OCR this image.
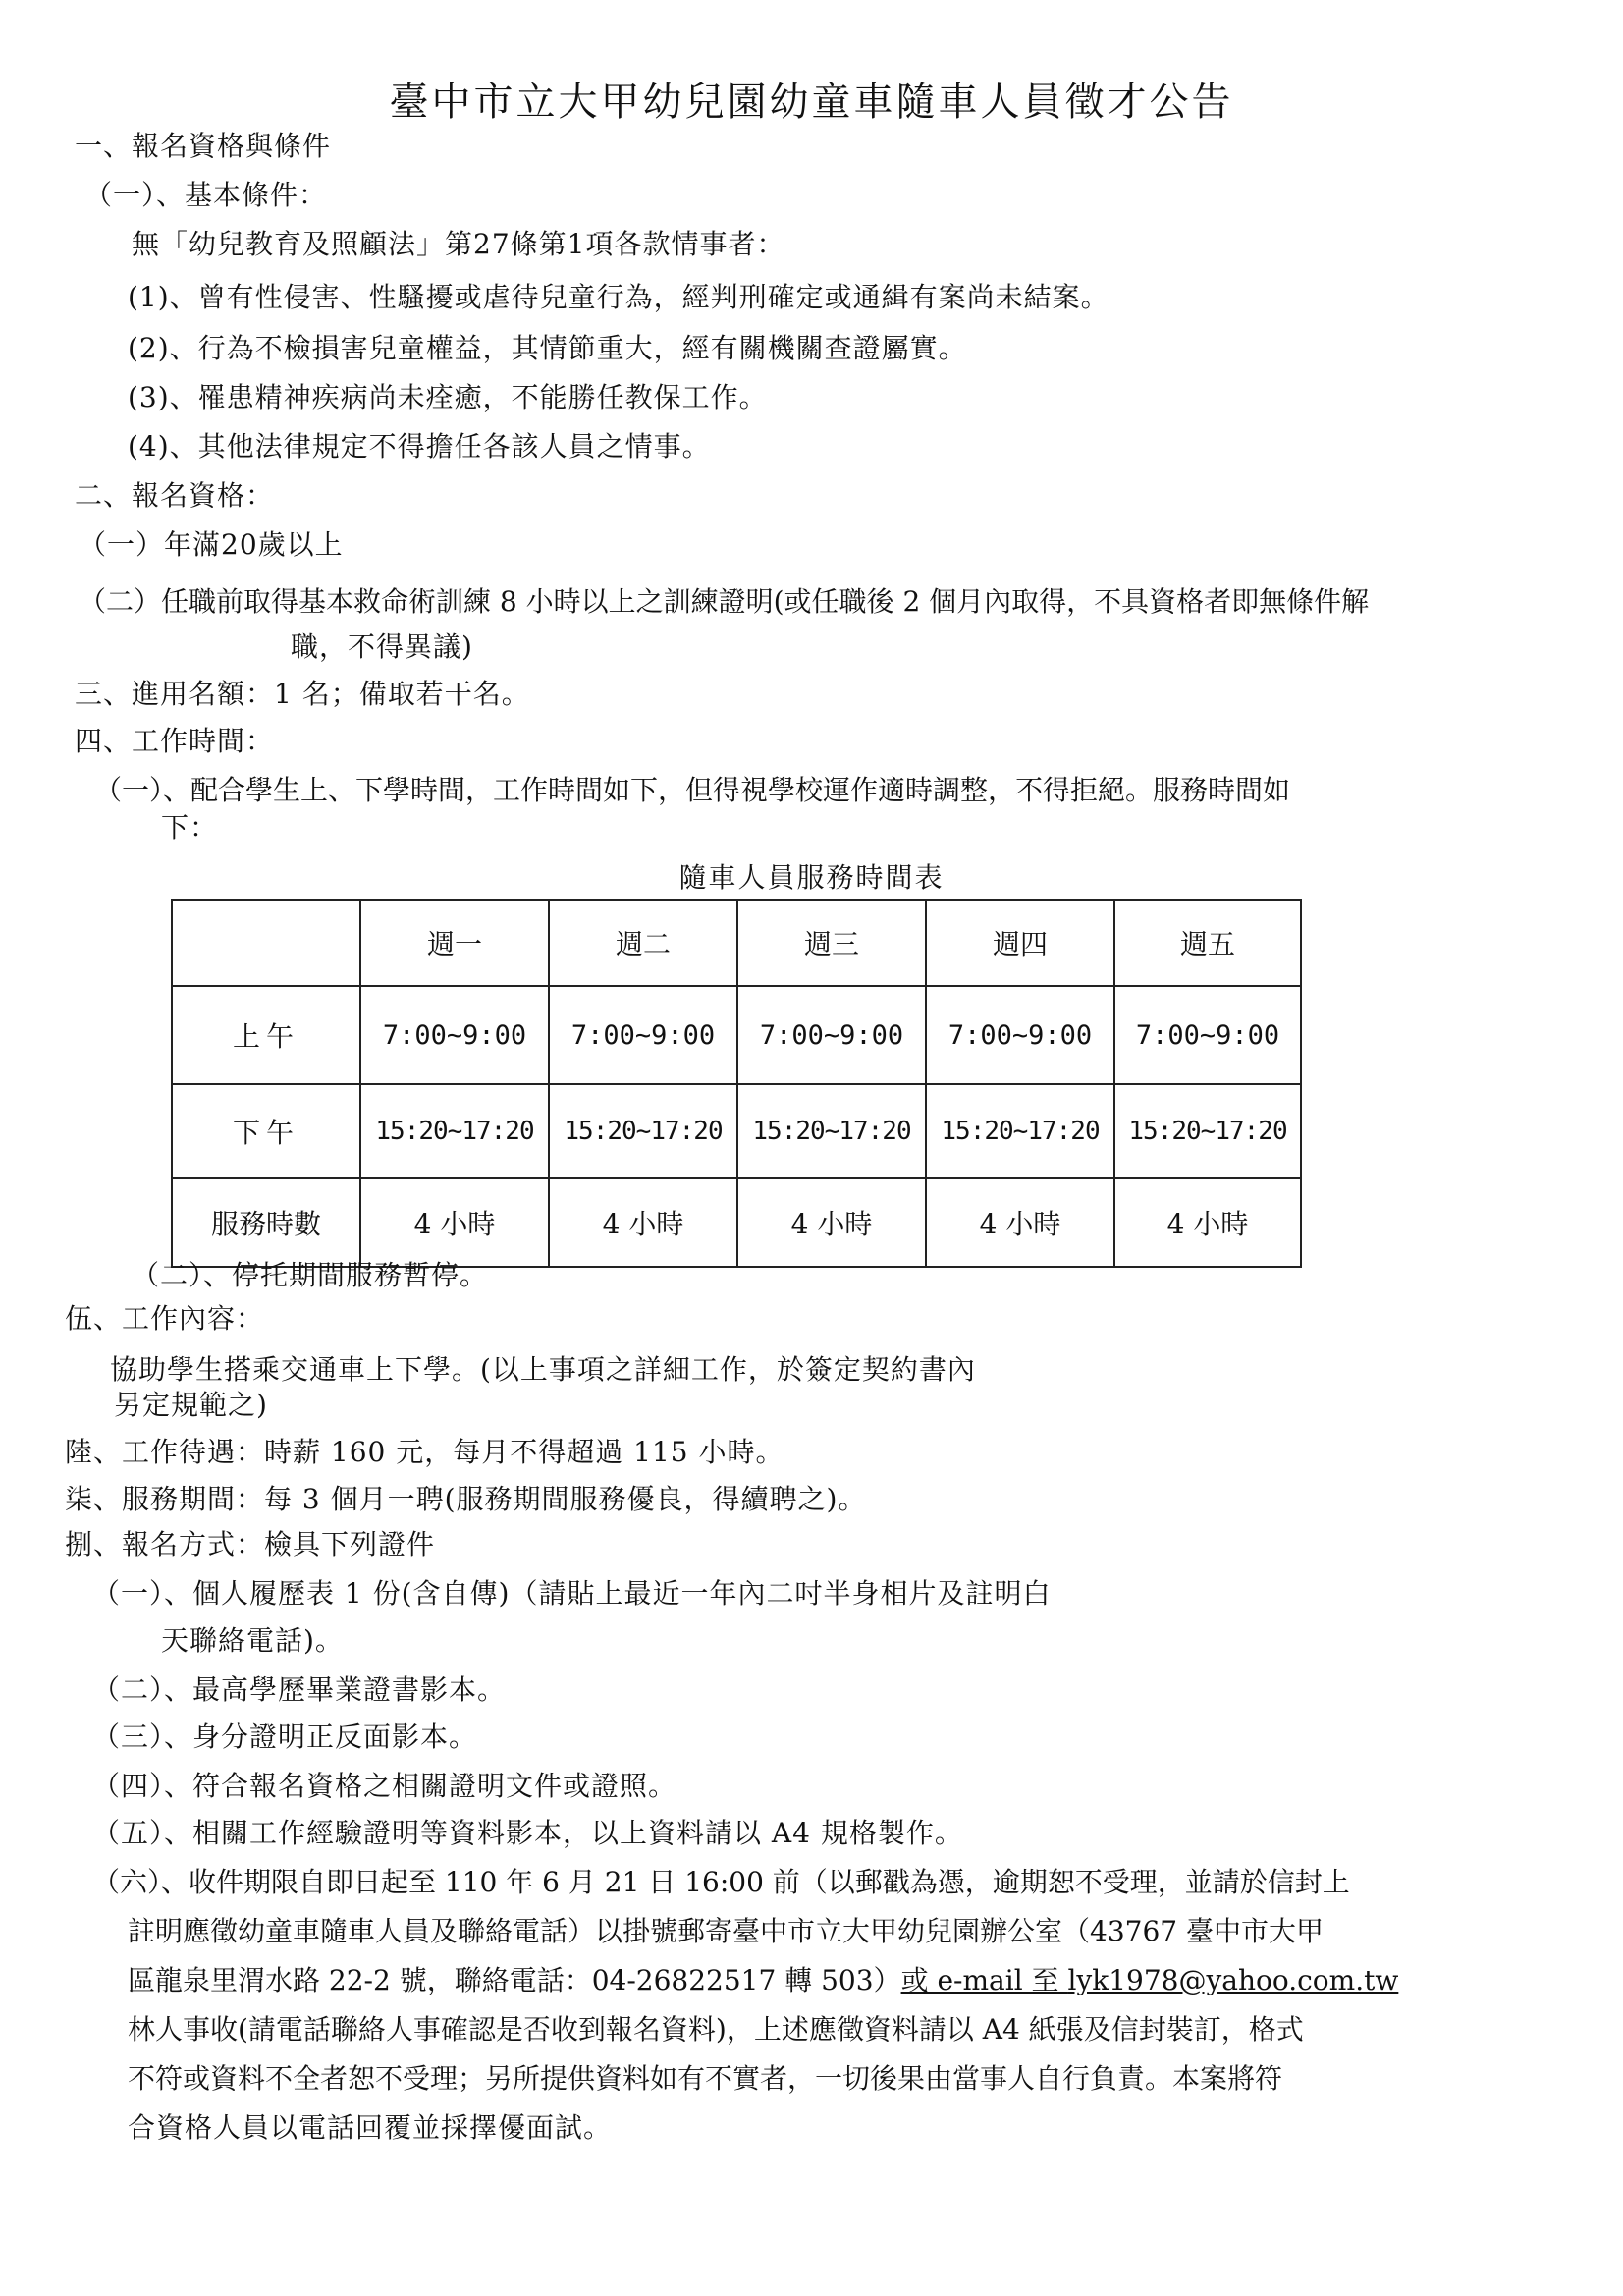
臺中市立大甲幼兒園幼童車隨車人員徵才公告
一、報名資格與條件
（一）、基本條件：
無「幼兒教育及照顧法」第27條第1項各款情事者：
(1)、曾有性侵害、性騷擾或虐待兒童行為，經判刑確定或通緝有案尚未結案。
(2)、行為不檢損害兒童權益，其情節重大，經有關機關查證屬實。
(3)、罹患精神疾病尚未痊癒，不能勝任教保工作。
(4)、其他法律規定不得擔任各該人員之情事。
二、報名資格：
（一）年滿20歲以上
（二）任職前取得基本救命術訓練 8 小時以上之訓練證明(或任職後 2 個月內取得，不具資格者即無條件解
職，不得異議)
三、進用名額：1 名；備取若干名。
四、工作時間：
（一）、配合學生上、下學時間，工作時間如下，但得視學校運作適時調整，不得拒絕。服務時間如
下：
隨車人員服務時間表
	週一	週二	週三	週四	週五
上午	7:00~9:00	7:00~9:00	7:00~9:00	7:00~9:00	7:00~9:00
下午	15:20~17:20	15:20~17:20	15:20~17:20	15:20~17:20	15:20~17:20
服務時數	4 小時	4 小時	4 小時	4 小時	4 小時
（二）、停托期間服務暫停。
伍、工作內容：
協助學生搭乘交通車上下學。(以上事項之詳細工作，於簽定契約書內
另定規範之)
陸、工作待遇：時薪 160 元，每月不得超過 115 小時。
柒、服務期間：每 3 個月一聘(服務期間服務優良，得續聘之)。
捌、報名方式：檢具下列證件
（一）、個人履歷表 1 份(含自傳)（請貼上最近一年內二吋半身相片及註明白
天聯絡電話)。
（二）、最高學歷畢業證書影本。
（三）、身分證明正反面影本。
（四）、符合報名資格之相關證明文件或證照。
（五）、相關工作經驗證明等資料影本，以上資料請以 A4 規格製作。
（六）、收件期限自即日起至 110 年 6 月 21 日 16:00 前（以郵戳為憑，逾期恕不受理，並請於信封上
註明應徵幼童車隨車人員及聯絡電話）以掛號郵寄臺中市立大甲幼兒園辦公室（43767 臺中市大甲
區龍泉里渭水路 22-2 號，聯絡電話：04-26822517 轉 503）或 e-mail 至 lyk1978@yahoo.com.tw
林人事收(請電話聯絡人事確認是否收到報名資料)，上述應徵資料請以 A4 紙張及信封裝訂，格式
不符或資料不全者恕不受理；另所提供資料如有不實者，一切後果由當事人自行負責。本案將符
合資格人員以電話回覆並採擇優面試。
